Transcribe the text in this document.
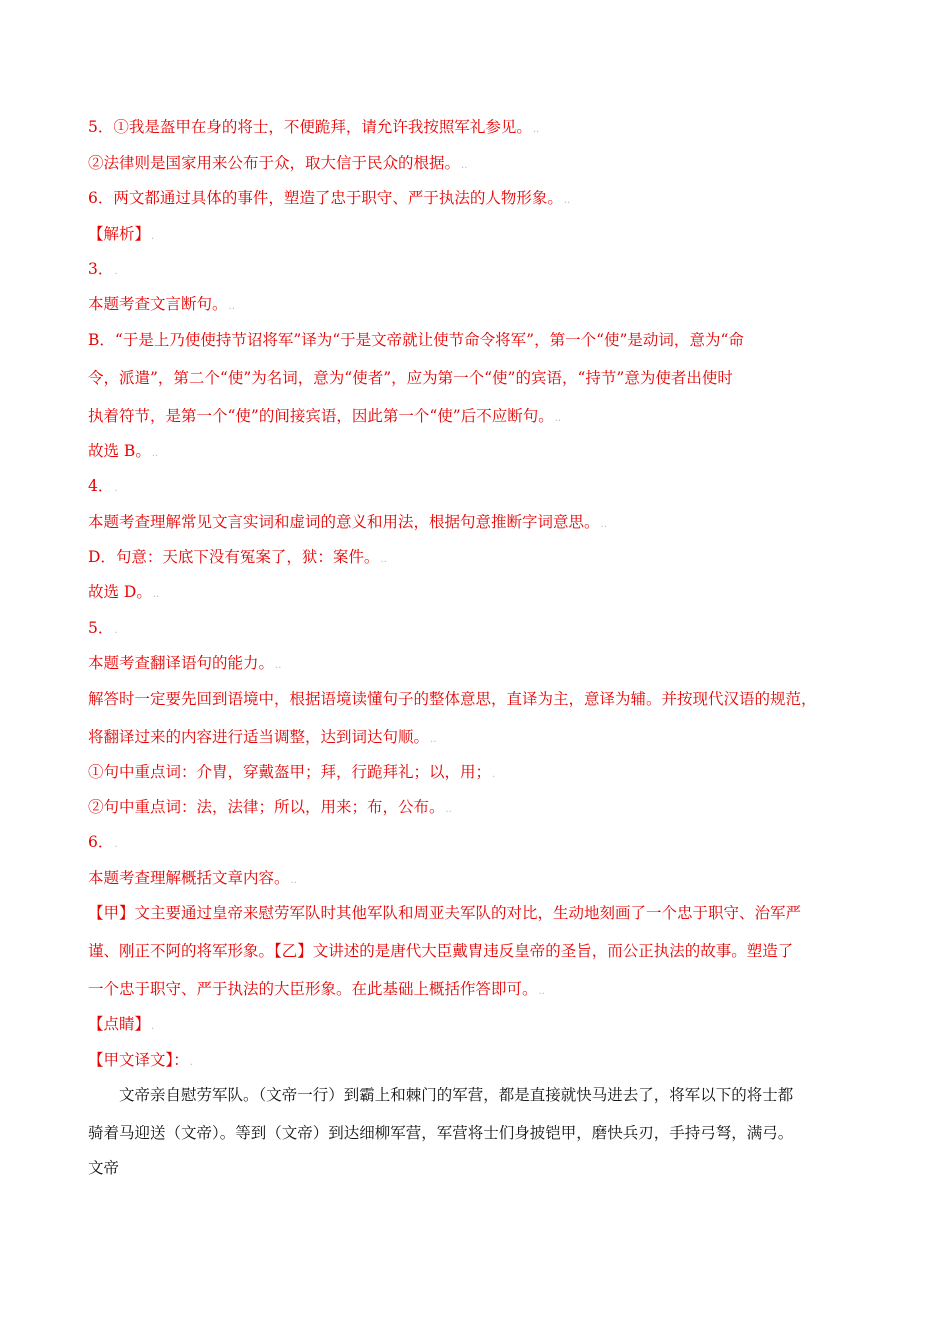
5．①我是盔甲在身的将士，不便跪拜，请允许我按照军礼参见。..
②法律则是国家用来公布于众，取大信于民众的根据。..
6．两文都通过具体的事件，塑造了忠于职守、严于执法的人物形象。..
【解析】.
3．.
本题考查文言断句。..
B．“于是上乃使使持节诏将军”译为“于是文帝就让使节命令将军”，第一个“使”是动词，意为“命
令，派遣”，第二个“使”为名词，意为“使者”，应为第一个“使”的宾语，“持节”意为使者出使时
执着符节，是第一个“使”的间接宾语，因此第一个“使”后不应断句。..
故选 B。..
4．.
本题考查理解常见文言实词和虚词的意义和用法，根据句意推断字词意思。..
D．句意：天底下没有冤案了，狱：案件。..
故选 D。..
5．.
本题考查翻译语句的能力。..
解答时一定要先回到语境中，根据语境读懂句子的整体意思，直译为主，意译为辅。并按现代汉语的规范，
将翻译过来的内容进行适当调整，达到词达句顺。..
①句中重点词：介胄，穿戴盔甲；拜，行跪拜礼；以，用；.
②句中重点词：法，法律；所以，用来；布，公布。..
6．.
本题考查理解概括文章内容。..
【甲】文主要通过皇帝来慰劳军队时其他军队和周亚夫军队的对比，生动地刻画了一个忠于职守、治军严
谨、刚正不阿的将军形象。【乙】文讲述的是唐代大臣戴胄违反皇帝的圣旨，而公正执法的故事。塑造了
一个忠于职守、严于执法的大臣形象。在此基础上概括作答即可。..
【点睛】.
【甲文译文】：.
文帝亲自慰劳军队。（文帝一行）到霸上和棘门的军营，都是直接就快马进去了，将军以下的将士都
骑着马迎送（文帝）。等到（文帝）到达细柳军营，军营将士们身披铠甲，磨快兵刃，手持弓弩，满弓。
文帝
